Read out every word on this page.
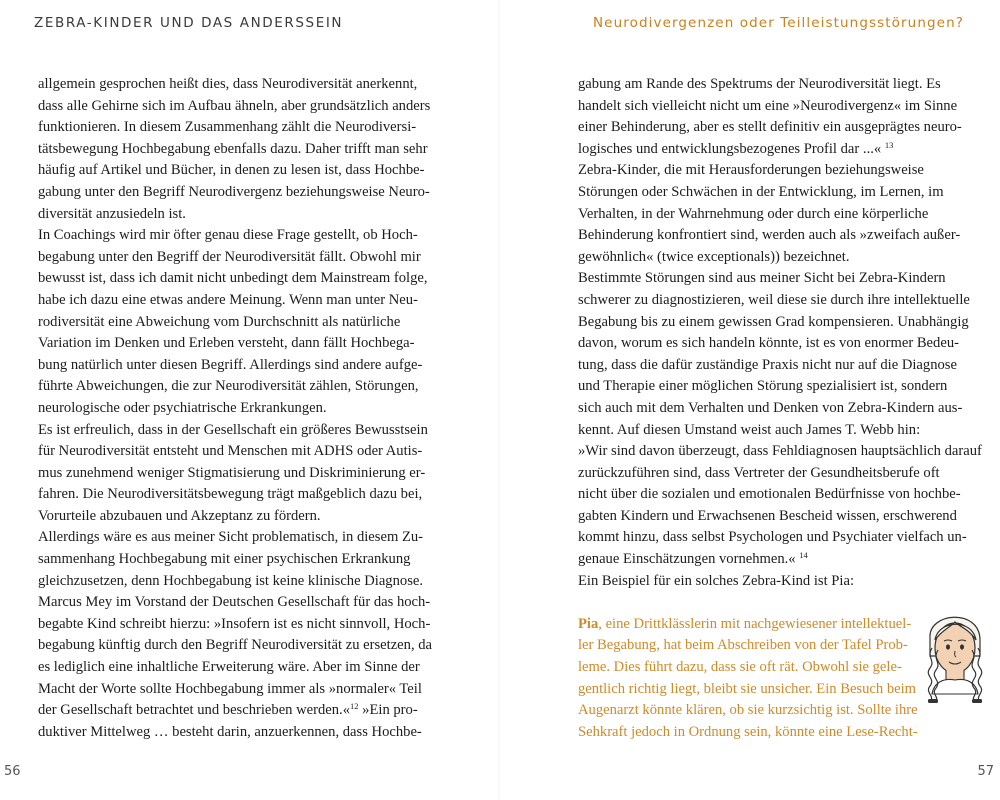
ZEBRA-KINDER UND DAS ANDERSSEIN	Neurodivergenzen oder Teilleistungsstörungen?

allgemein gesprochen heißt dies, dass Neurodiversität anerkennt,

dass alle Gehirne sich im Aufbau ähneln, aber grundsätzlich anders

funktionieren. In diesem Zusammenhang zählt die Neurodiversi-

tätsbewegung Hochbegabung ebenfalls dazu. Daher trifft man sehr

häufig auf Artikel und Bücher, in denen zu lesen ist, dass Hochbe-

gabung unter den Begriff Neurodivergenz beziehungsweise Neuro-

diversität anzusiedeln ist.

In Coachings wird mir öfter genau diese Frage gestellt, ob Hoch-

begabung unter den Begriff der Neurodiversität fällt. Obwohl mir

bewusst ist, dass ich damit nicht unbedingt dem Mainstream folge,

habe ich dazu eine etwas andere Meinung. Wenn man unter Neu-

rodiversität eine Abweichung vom Durchschnitt als natürliche

Variation im Denken und Erleben versteht, dann fällt Hochbega-

bung natürlich unter diesen Begriff. Allerdings sind andere aufge-

führte Abweichungen, die zur Neurodiversität zählen, Störungen,

neurologische oder psychiatrische Erkrankungen.

Es ist erfreulich, dass in der Gesellschaft ein größeres Bewusstsein

für Neurodiversität entsteht und Menschen mit ADHS oder Autis-

mus zunehmend weniger Stigmatisierung und Diskriminierung er-

fahren. Die Neurodiversitätsbewegung trägt maßgeblich dazu bei,

Vorurteile abzubauen und Akzeptanz zu fördern.

Allerdings wäre es aus meiner Sicht problematisch, in diesem Zu-

sammenhang Hochbegabung mit einer psychischen Erkrankung

gleichzusetzen, denn Hochbegabung ist keine klinische Diagnose.

Marcus Mey im Vorstand der Deutschen Gesellschaft für das hoch-

begabte Kind schreibt hierzu: »Insofern ist es nicht sinnvoll, Hoch-

begabung künftig durch den Begriff Neurodiversität zu ersetzen, da

es lediglich eine inhaltliche Erweiterung wäre. Aber im Sinne der

Macht der Worte sollte Hochbegabung immer als »normaler« Teil

der Gesellschaft betrachtet und beschrieben werden.«$^{12}$ »Ein pro-

duktiver Mittelweg … besteht darin, anzuerkennen, dass Hochbe-

gabung am Rande des Spektrums der Neurodiversität liegt. Es

handelt sich vielleicht nicht um eine »Neurodivergenz« im Sinne

einer Behinderung, aber es stellt definitiv ein ausgeprägtes neuro-

logisches und entwicklungsbezogenes Profil dar ...« $^{13}$

Zebra-Kinder, die mit Herausforderungen beziehungsweise

Störungen oder Schwächen in der Entwicklung, im Lernen, im

Verhalten, in der Wahrnehmung oder durch eine körperliche

Behinderung konfrontiert sind, werden auch als »zweifach außer-

gewöhnlich« (twice exceptionals)) bezeichnet.

Bestimmte Störungen sind aus meiner Sicht bei Zebra-Kindern

schwerer zu diagnostizieren, weil diese sie durch ihre intellektuelle

Begabung bis zu einem gewissen Grad kompensieren. Unabhängig

davon, worum es sich handeln könnte, ist es von enormer Bedeu-

tung, dass die dafür zuständige Praxis nicht nur auf die Diagnose

und Therapie einer möglichen Störung spezialisiert ist, sondern

sich auch mit dem Verhalten und Denken von Zebra-Kindern aus-

kennt. Auf diesen Umstand weist auch James T. Webb hin:

»Wir sind davon überzeugt, dass Fehldiagnosen hauptsächlich darauf

zurückzuführen sind, dass Vertreter der Gesundheitsberufe oft

nicht über die sozialen und emotionalen Bedürfnisse von hochbe-

gabten Kindern und Erwachsenen Bescheid wissen, erschwerend

kommt hinzu, dass selbst Psychologen und Psychiater vielfach un-

genaue Einschätzungen vornehmen.« $^{14}$

Ein Beispiel für ein solches Zebra-Kind ist Pia:

Pia, eine Drittklässlerin mit nachgewiesener intellektuel-

ler Begabung, hat beim Abschreiben von der Tafel Prob-

leme. Dies führt dazu, dass sie oft rät. Obwohl sie gele-

gentlich richtig liegt, bleibt sie unsicher. Ein Besuch beim

Augenarzt könnte klären, ob sie kurzsichtig ist. Sollte ihre

Sehkraft jedoch in Ordnung sein, könnte eine Lese-Recht-

56	57
